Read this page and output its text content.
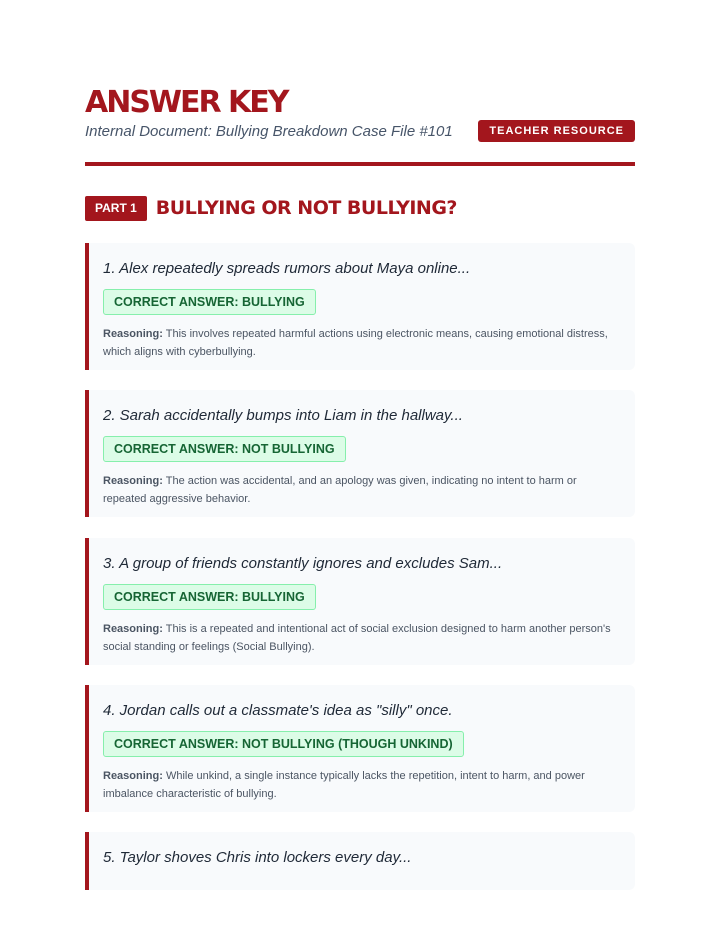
ANSWER KEY
Internal Document: Bullying Breakdown Case File #101	TEACHER RESOURCE
PART 1	BULLYING OR NOT BULLYING?
1. Alex repeatedly spreads rumors about Maya online...
CORRECT ANSWER: BULLYING
Reasoning: This involves repeated harmful actions using electronic means, causing emotional distress, which aligns with cyberbullying.
2. Sarah accidentally bumps into Liam in the hallway...
CORRECT ANSWER: NOT BULLYING
Reasoning: The action was accidental, and an apology was given, indicating no intent to harm or repeated aggressive behavior.
3. A group of friends constantly ignores and excludes Sam...
CORRECT ANSWER: BULLYING
Reasoning: This is a repeated and intentional act of social exclusion designed to harm another person's social standing or feelings (Social Bullying).
4. Jordan calls out a classmate's idea as "silly" once.
CORRECT ANSWER: NOT BULLYING (THOUGH UNKIND)
Reasoning: While unkind, a single instance typically lacks the repetition, intent to harm, and power imbalance characteristic of bullying.
5. Taylor shoves Chris into lockers every day...
